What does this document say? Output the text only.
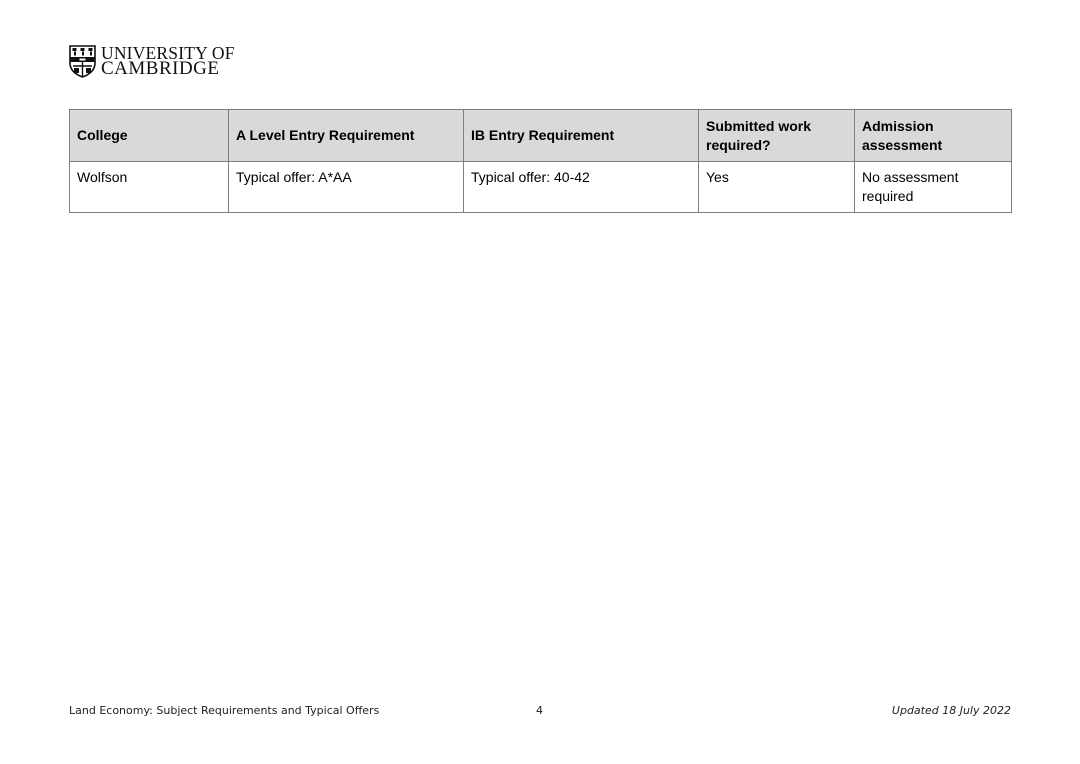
UNIVERSITY OF
CAMBRIDGE
College	A Level Entry Requirement	IB Entry Requirement	Submitted work required?	Admission assessment
Wolfson	Typical offer: A*AA	Typical offer: 40-42	Yes	No assessment required
Land Economy: Subject Requirements and Typical Offers	4	Updated 18 July 2022
